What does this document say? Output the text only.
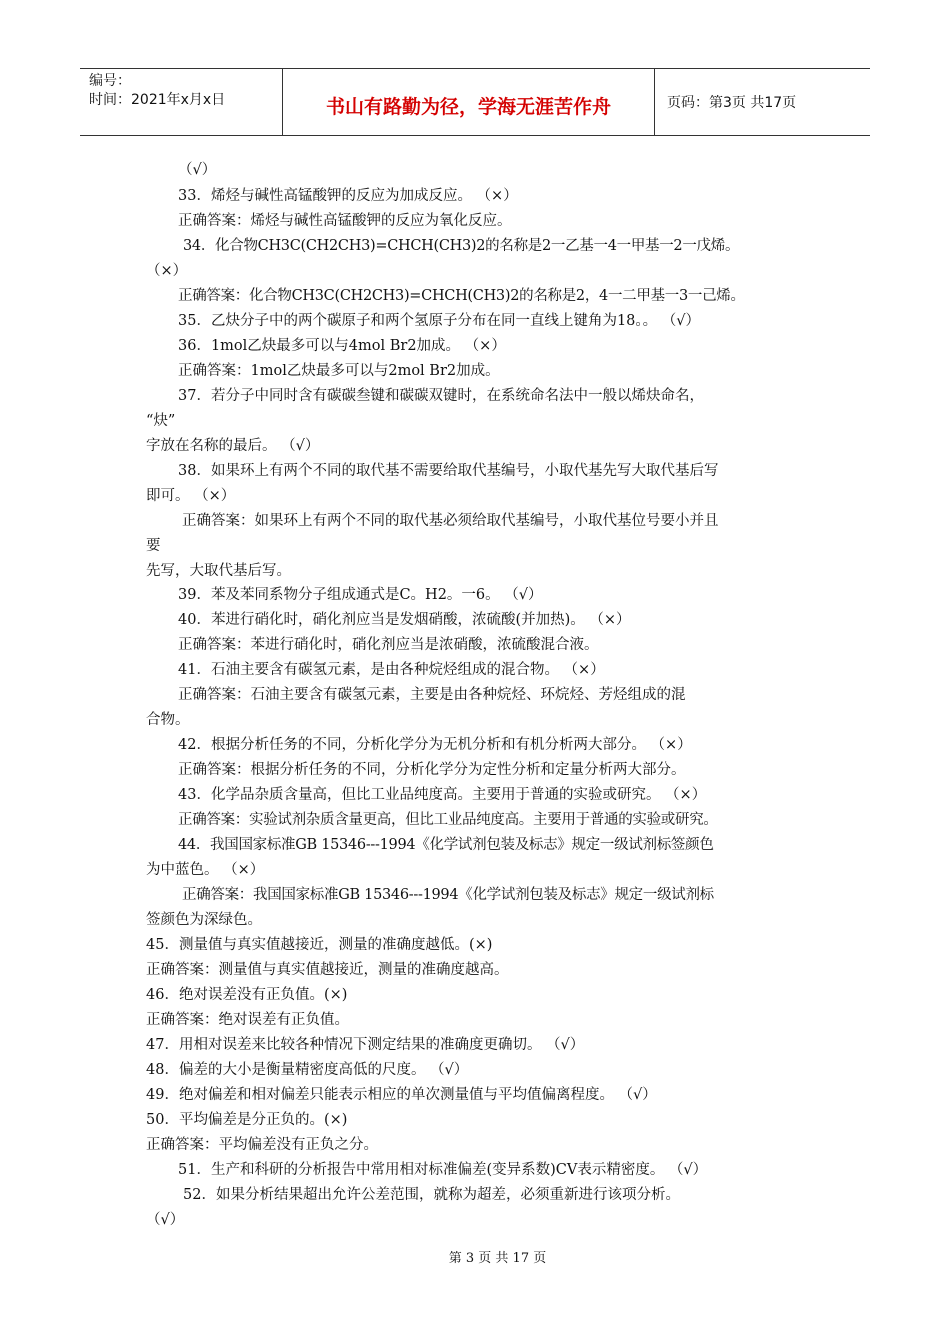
编号：
时间：2021年x月x日	书山有路勤为径，学海无涯苦作舟	页码：第3页 共17页
（√）
33．烯烃与碱性高锰酸钾的反应为加成反应。 （×）
正确答案：烯烃与碱性高锰酸钾的反应为氧化反应。
34．化合物CH3C(CH2CH3)=CHCH(CH3)2的名称是2一乙基一4一甲基一2一戊烯。
（×）
正确答案：化合物CH3C(CH2CH3)=CHCH(CH3)2的名称是2，4一二甲基一3一己烯。
35．乙炔分子中的两个碳原子和两个氢原子分布在同一直线上键角为18。。 （√）
36．1mol乙炔最多可以与4mol Br2加成。 （×）
正确答案：1mol乙炔最多可以与2mol Br2加成。
37．若分子中同时含有碳碳叁键和碳碳双键时，在系统命名法中一般以烯炔命名，
“炔”
字放在名称的最后。 （√）
38．如果环上有两个不同的取代基不需要给取代基编号，小取代基先写大取代基后写
即可。 （×）
正确答案：如果环上有两个不同的取代基必须给取代基编号，小取代基位号要小并且
要
先写，大取代基后写。
39．苯及苯同系物分子组成通式是C。H2。一6。 （√）
40．苯进行硝化时，硝化剂应当是发烟硝酸，浓硫酸(并加热)。 （×）
正确答案：苯进行硝化时，硝化剂应当是浓硝酸，浓硫酸混合液。
41．石油主要含有碳氢元素，是由各种烷烃组成的混合物。 （×）
正确答案：石油主要含有碳氢元素，主要是由各种烷烃、环烷烃、芳烃组成的混
合物。
42．根据分析任务的不同，分析化学分为无机分析和有机分析两大部分。 （×）
正确答案：根据分析任务的不同，分析化学分为定性分析和定量分析两大部分。
43．化学品杂质含量高，但比工业品纯度高。主要用于普通的实验或研究。 （×）
正确答案：实验试剂杂质含量更高，但比工业品纯度高。主要用于普通的实验或研究。
44．我国国家标准GB 15346---1994《化学试剂包装及标志》规定一级试剂标签颜色
为中蓝色。 （×）
正确答案：我国国家标准GB 15346---1994《化学试剂包装及标志》规定一级试剂标
签颜色为深绿色。
45．测量值与真实值越接近，测量的准确度越低。(×)
正确答案：测量值与真实值越接近，测量的准确度越高。
46．绝对误差没有正负值。(×)
正确答案：绝对误差有正负值。
47．用相对误差来比较各种情况下测定结果的准确度更确切。 （√）
48．偏差的大小是衡量精密度高低的尺度。 （√）
49．绝对偏差和相对偏差只能表示相应的单次测量值与平均值偏离程度。 （√）
50．平均偏差是分正负的。(×)
正确答案：平均偏差没有正负之分。
51．生产和科研的分析报告中常用相对标准偏差(变异系数)CV表示精密度。 （√）
52．如果分析结果超出允许公差范围，就称为超差，必须重新进行该项分析。
（√）
第 3 页 共 17 页
